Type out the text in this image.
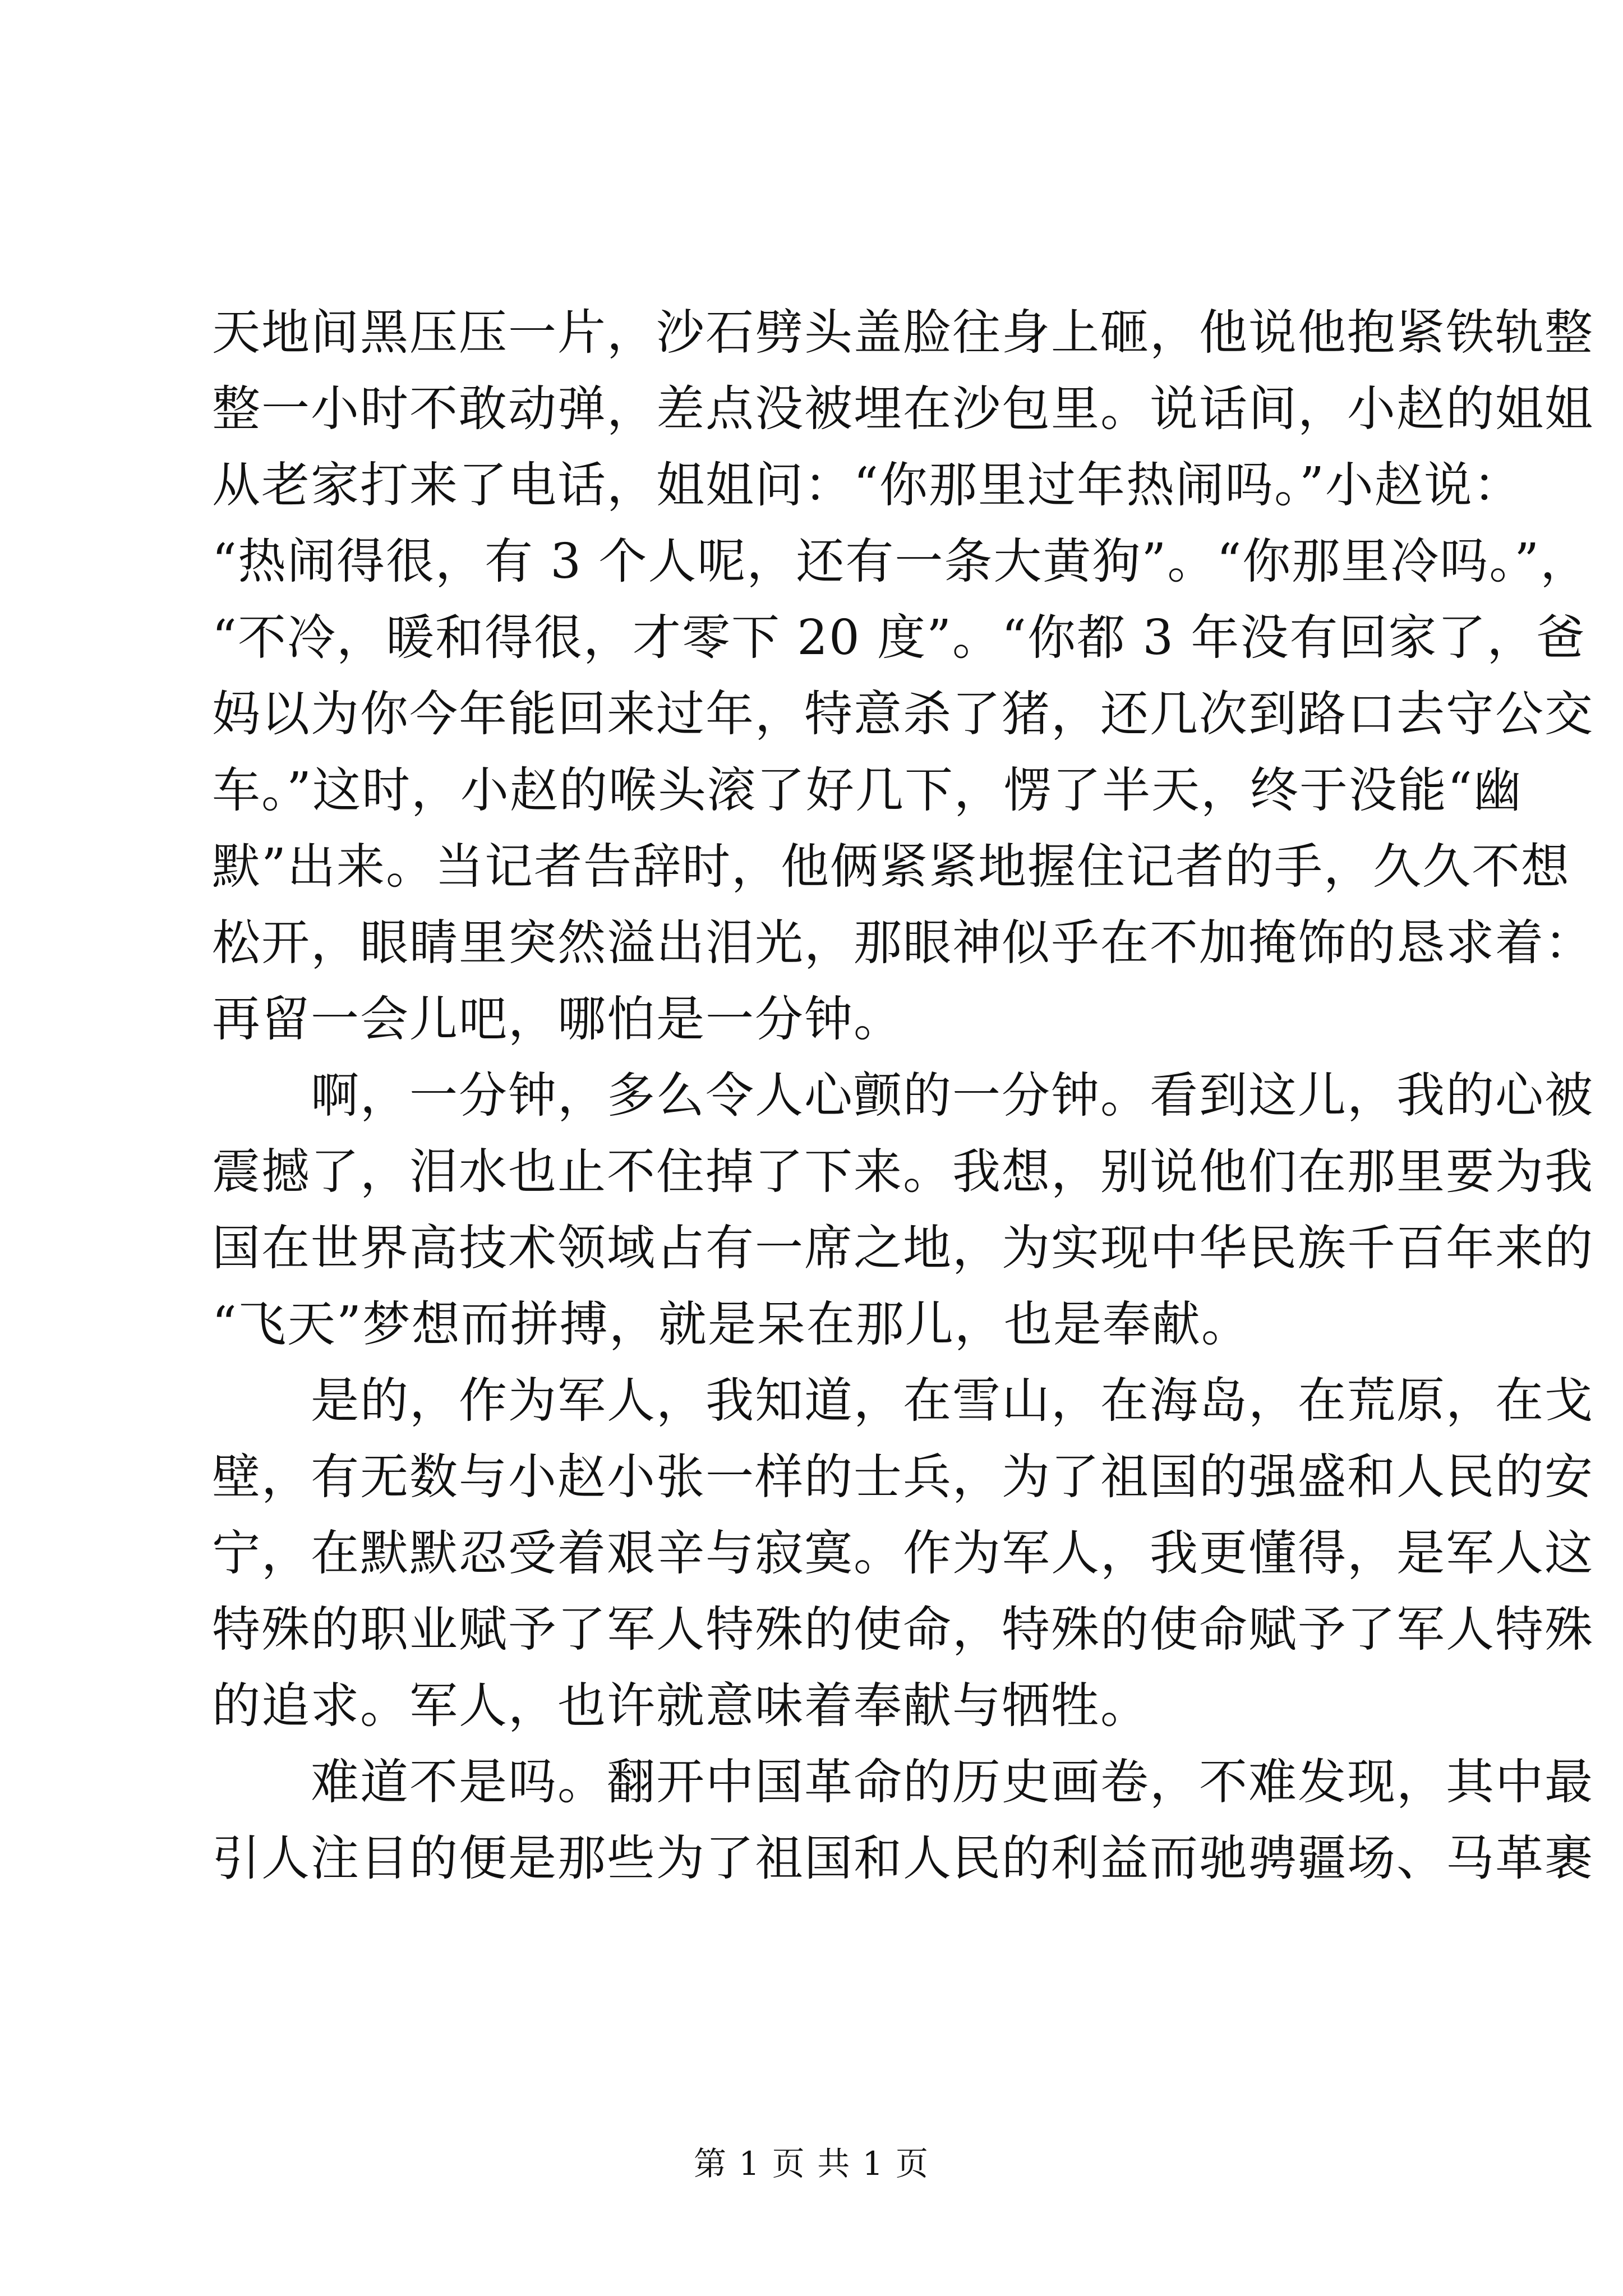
天地间黑压压一片，沙石劈头盖脸往身上砸，他说他抱紧铁轨整
整一小时不敢动弹，差点没被埋在沙包里。说话间，小赵的姐姐
从老家打来了电话，姐姐问：“你那里过年热闹吗。”小赵说：
“热闹得很，有 3 个人呢，还有一条大黄狗”。“你那里冷吗。”，
“不冷，暖和得很，才零下 20 度”。“你都 3 年没有回家了，爸
妈以为你今年能回来过年，特意杀了猪，还几次到路口去守公交
车。”这时，小赵的喉头滚了好几下，愣了半天，终于没能“幽
默”出来。当记者告辞时，他俩紧紧地握住记者的手，久久不想
松开，眼睛里突然溢出泪光，那眼神似乎在不加掩饰的恳求着：
再留一会儿吧，哪怕是一分钟。
　　啊，一分钟，多么令人心颤的一分钟。看到这儿，我的心被
震撼了，泪水也止不住掉了下来。我想，别说他们在那里要为我
国在世界高技术领域占有一席之地，为实现中华民族千百年来的
“飞天”梦想而拼搏，就是呆在那儿，也是奉献。
　　是的，作为军人，我知道，在雪山，在海岛，在荒原，在戈
壁，有无数与小赵小张一样的士兵，为了祖国的强盛和人民的安
宁，在默默忍受着艰辛与寂寞。作为军人，我更懂得，是军人这
特殊的职业赋予了军人特殊的使命，特殊的使命赋予了军人特殊
的追求。军人，也许就意味着奉献与牺牲。
　　难道不是吗。翻开中国革命的历史画卷，不难发现，其中最
引人注目的便是那些为了祖国和人民的利益而驰骋疆场、马革裹
第 1 页 共 1 页
